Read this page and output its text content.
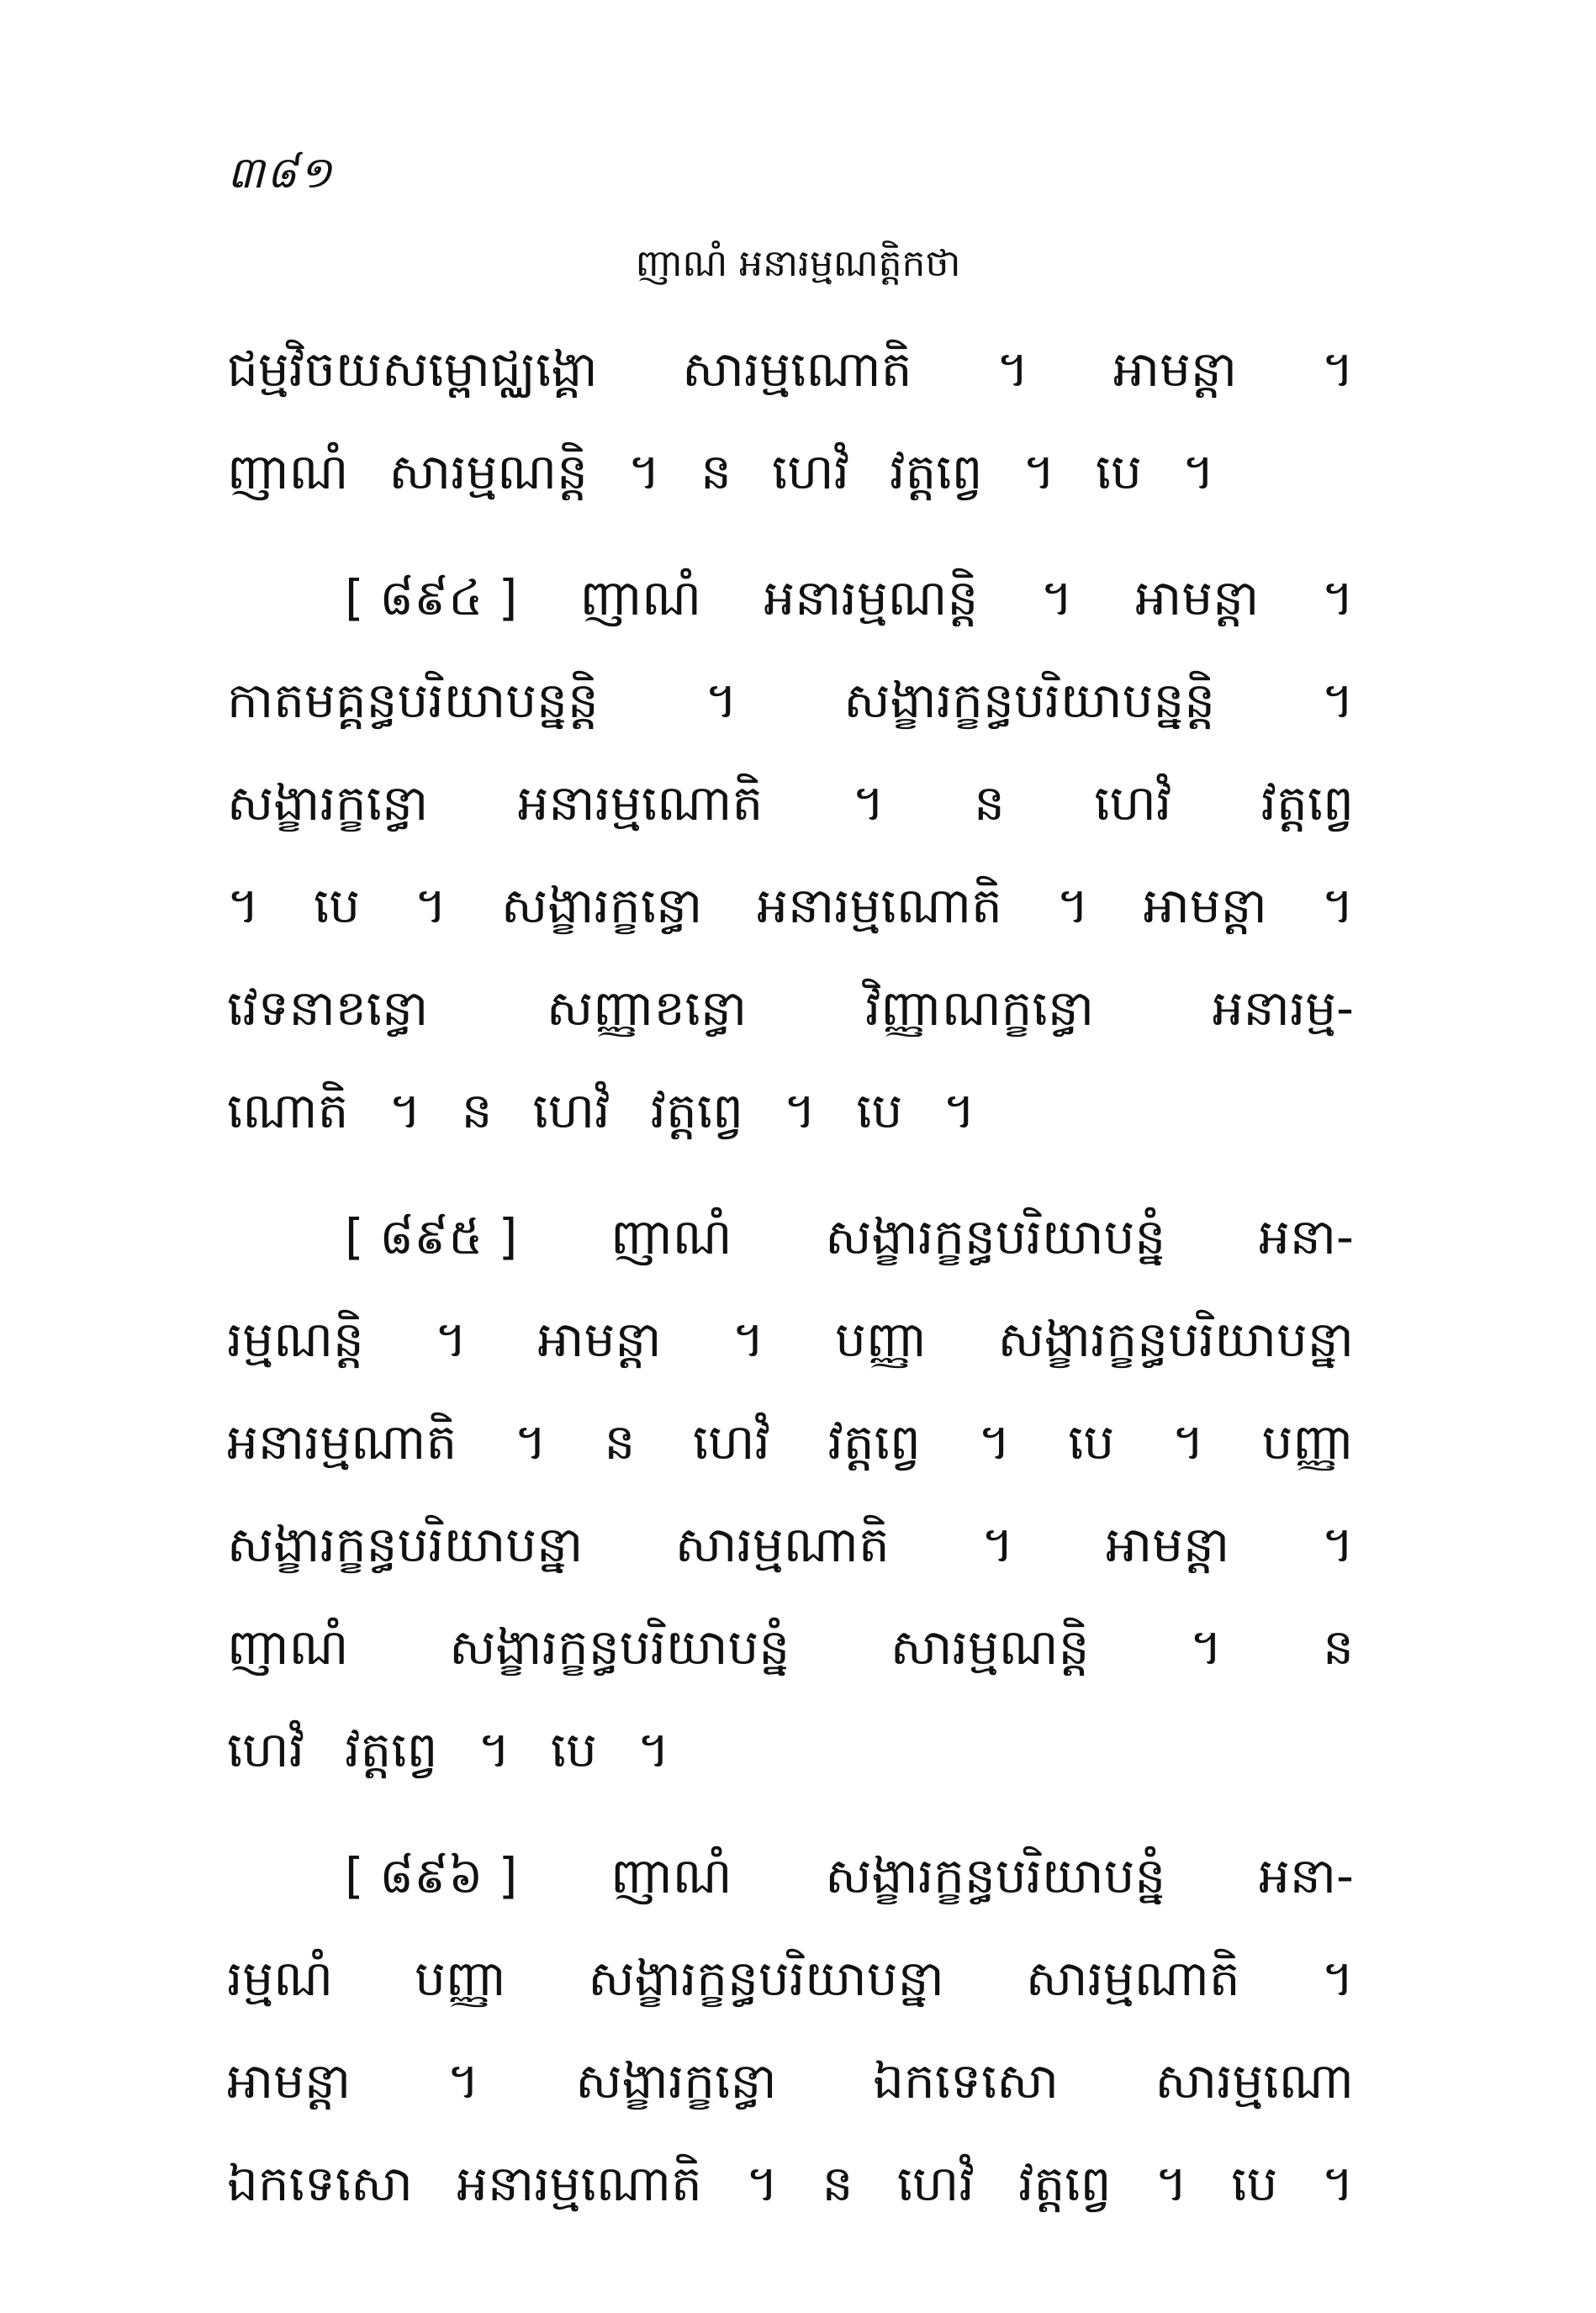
៣៨១
ញាណំ អនារម្មណត្តិកថា
ជម្មវិចយសម្ពោជ្ឈង្គោ សារម្មណោតិ ។ អាមន្តា ។
ញាណំ សារម្មណន្តិ ។ ន ហេវំ វត្តព្វេ ។ បេ ។
[ ៨៩៤ ] ញាណំ អនារម្មណន្តិ ។ អាមន្តា ។
កាតមគ្គន្ធបរិយាបន្នន្តិ ។ សង្ខារក្ខន្ធបរិយាបន្នន្តិ ។
សង្ខារក្ខន្ធោ អនារម្មណោតិ ។ ន ហេវំ វត្តព្វេ
។ បេ ។ សង្ខារក្ខន្ធោ អនារម្មណោតិ ។ អាមន្តា ។
វេទនាខន្ធោ សញ្ញាខន្ធោ វិញ្ញាណក្ខន្ធោ អនារម្ម-
ណោតិ ។ ន ហេវំ វត្តព្វេ ។ បេ ។
[ ៨៩៥ ] ញាណំ សង្ខារក្ខន្ធបរិយាបន្នំ អនា-
រម្មណន្តិ ។ អាមន្តា ។ បញ្ញា សង្ខារក្ខន្ធបរិយាបន្នា
អនារម្មណាតិ ។ ន ហេវំ វត្តព្វេ ។ បេ ។ បញ្ញា
សង្ខារក្ខន្ធបរិយាបន្នា សារម្មណាតិ ។ អាមន្តា ។
ញាណំ សង្ខារក្ខន្ធបរិយាបន្នំ សារម្មណន្តិ ។ ន
ហេវំ វត្តព្វេ ។ បេ ។
[ ៨៩៦ ] ញាណំ សង្ខារក្ខន្ធបរិយាបន្នំ អនា-
រម្មណំ បញ្ញា សង្ខារក្ខន្ធបរិយាបន្នា សារម្មណាតិ ។
អាមន្តា ។ សង្ខារក្ខន្ធោ ឯកទេសោ សារម្មណោ
ឯកទេសោ អនារម្មណោតិ ។ ន ហេវំ វត្តព្វេ ។ បេ ។
